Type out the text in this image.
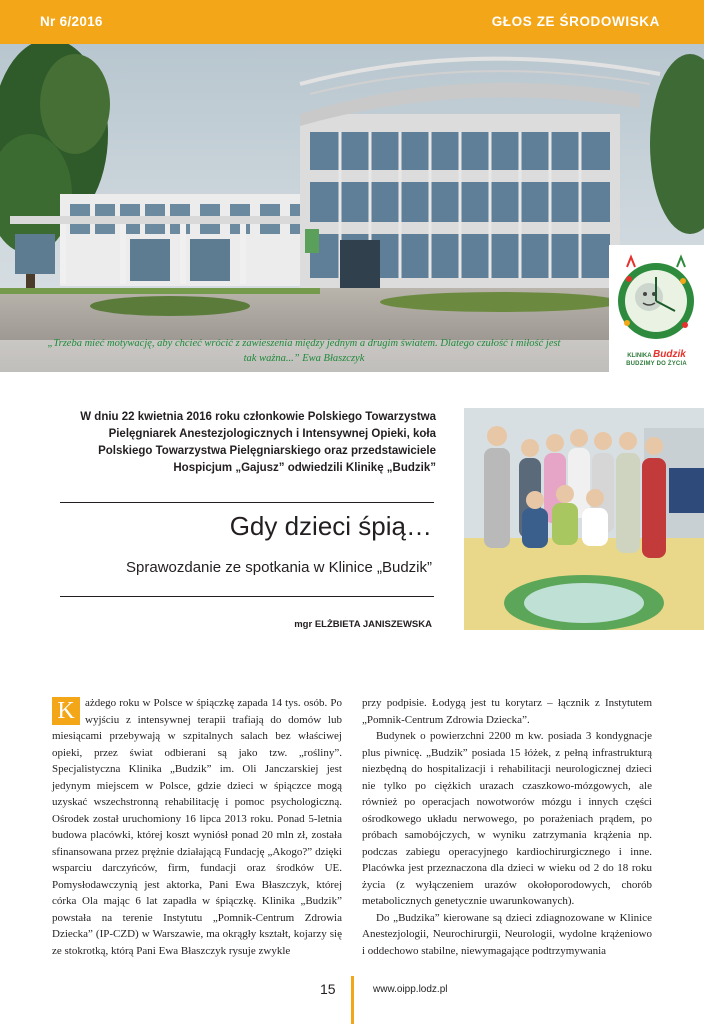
Nr 6/2016	GŁOS ZE ŚRODOWISKA
„Trzeba mieć motywację, aby chcieć wrócić z zawieszenia między jednym a drugim światem. Dlatego czułość i miłość jest tak ważna...” Ewa Błaszczyk	KLINIKA Budzik
BUDZIMY DO ŻYCIA
W dniu 22 kwietnia 2016 roku członkowie Polskiego Towarzystwa Pielęgniarek Anestezjologicznych i Intensywnej Opieki, koła Polskiego Towarzystwa Pielęgniarskiego oraz przedstawiciele Hospicjum „Gajusz” odwiedzili Klinikę „Budzik”
Gdy dzieci śpią…
Sprawozdanie ze spotkania w Klinice „Budzik”
mgr ELŻBIETA JANISZEWSKA
K ażdego roku w Polsce w śpiączkę zapada 14 tys. osób. Po wyjściu z intensywnej terapii trafiają do domów lub miesiącami przebywają w szpitalnych salach bez właściwej opieki, przez świat odbierani są jako tzw. „rośliny”. Specjalistyczna Klinika „Budzik” im. Oli Janczarskiej jest jedynym miejscem w Polsce, gdzie dzieci w śpiączce mogą uzyskać wszechstronną rehabilitację i pomoc psychologiczną. Ośrodek został uruchomiony 16 lipca 2013 roku. Ponad 5-letnia budowa placówki, której koszt wyniósł ponad 20 mln zł, została sfinansowana przez prężnie działającą Fundację „Akogo?” dzięki wsparciu darczyńców, firm, fundacji oraz środków UE. Pomysłodawczynią jest aktorka, Pani Ewa Błaszczyk, której córka Ola mając 6 lat zapadła w śpiączkę. Klinika „Budzik” powstała na terenie Instytutu „Pomnik-Centrum Zdrowia Dziecka” (IP-CZD) w Warszawie, ma okrągły kształt, kojarzy się ze stokrotką, którą Pani Ewa Błaszczyk rysuje zwykle

przy podpisie. Łodygą jest tu korytarz – łącznik z Instytutem „Pomnik-Centrum Zdrowia Dziecka”.

Budynek o powierzchni 2200 m kw. posiada 3 kondygnacje plus piwnicę. „Budzik” posiada 15 łóżek, z pełną infrastrukturą niezbędną do hospitalizacji i rehabilitacji neurologicznej dzieci nie tylko po ciężkich urazach czaszkowo-mózgowych, ale również po operacjach nowotworów mózgu i innych części ośrodkowego układu nerwowego, po porażeniach prądem, po próbach samobójczych, w wyniku zatrzymania krążenia np. podczas zabiegu operacyjnego kardiochirurgicznego i inne. Placówka jest przeznaczona dla dzieci w wieku od 2 do 18 roku życia (z wyłączeniem urazów okołoporodowych, chorób metabolicznych genetycznie uwarunkowanych).

Do „Budzika” kierowane są dzieci zdiagnozowane w Klinice Anestezjologii, Neurochirurgii, Neurologii, wydolne krążeniowo i oddechowo stabilne, niewymagające podtrzymywania

15	www.oipp.lodz.pl
